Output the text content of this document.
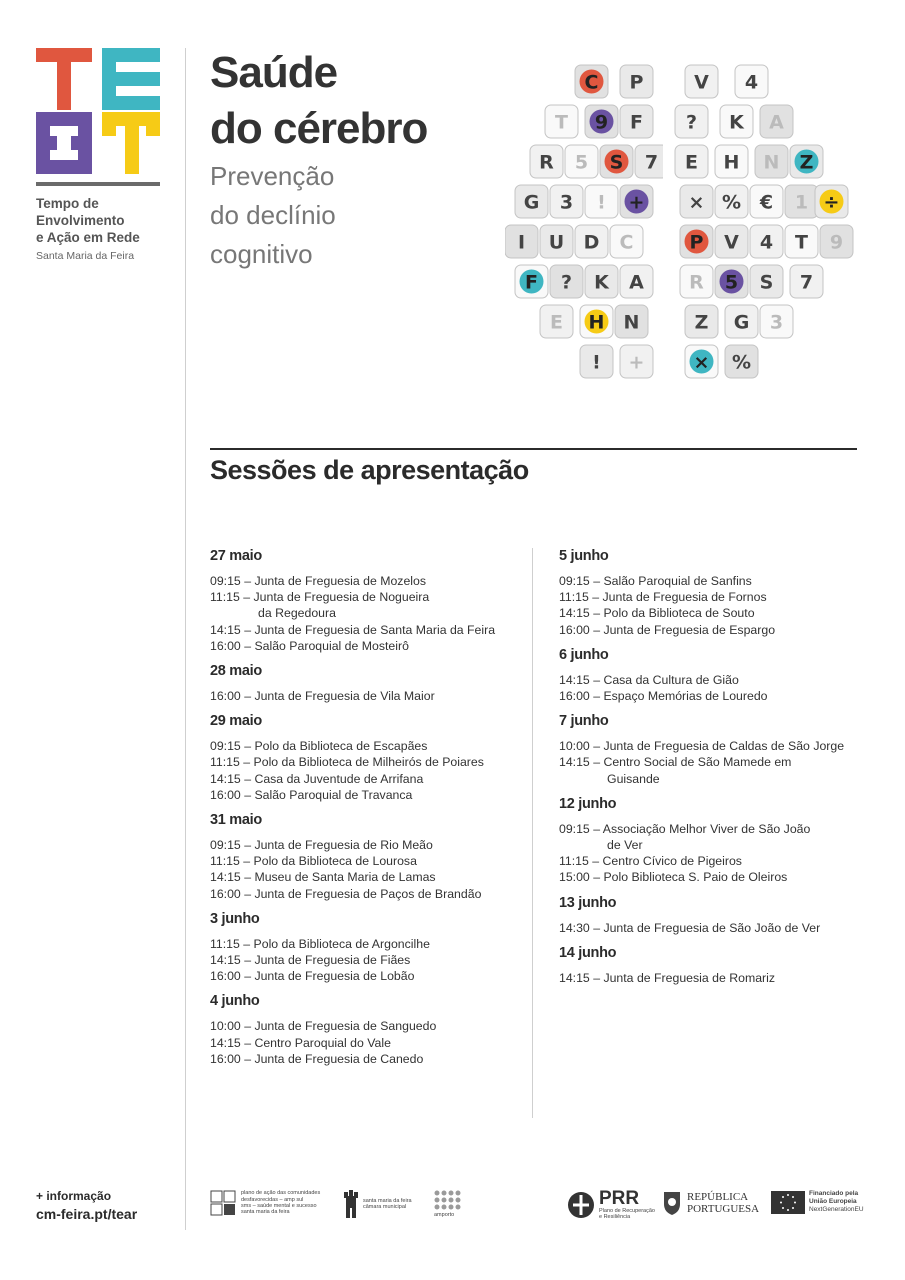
Tempo de
Envolvimento
e Ação em Rede
Santa Maria da Feira
Saúde
do cérebro
Prevenção
do declínio
cognitivo
C P	V 4
T 9 F ? K A
R 5 S 7 E H N Z
G 3 ! + × % € 1 ÷
I U D C	P V 4 T 9
F ? K A R 5 S 7
E H N	Z G 3
! +	× %
Sessões de apresentação
27 maio
09:15 – Junta de Freguesia de Mozelos
11:15 – Junta de Freguesia de Nogueira
da Regedoura
14:15 – Junta de Freguesia de Santa Maria da Feira
16:00 – Salão Paroquial de Mosteirô
28 maio
16:00 – Junta de Freguesia de Vila Maior
29 maio
09:15 – Polo da Biblioteca de Escapães
11:15 – Polo da Biblioteca de Milheirós de Poiares
14:15 – Casa da Juventude de Arrifana
16:00 – Salão Paroquial de Travanca
31 maio
09:15 – Junta de Freguesia de Rio Meão
11:15 – Polo da Biblioteca de Lourosa
14:15 – Museu de Santa Maria de Lamas
16:00 – Junta de Freguesia de Paços de Brandão
3 junho
11:15 – Polo da Biblioteca de Argoncilhe
14:15 – Junta de Freguesia de Fiães
16:00 – Junta de Freguesia de Lobão
4 junho
10:00 – Junta de Freguesia de Sanguedo
14:15 – Centro Paroquial do Vale
16:00 – Junta de Freguesia de Canedo
5 junho
09:15 – Salão Paroquial de Sanfins
11:15 – Junta de Freguesia de Fornos
14:15 – Polo da Biblioteca de Souto
16:00 – Junta de Freguesia de Espargo
6 junho
14:15 – Casa da Cultura de Gião
16:00 – Espaço Memórias de Louredo
7 junho
10:00 – Junta de Freguesia de Caldas de São Jorge
14:15 – Centro Social de São Mamede em
Guisande
12 junho
09:15 – Associação Melhor Viver de São João
de Ver
11:15 – Centro Cívico de Pigeiros
15:00 – Polo Biblioteca S. Paio de Oleiros
13 junho
14:30 – Junta de Freguesia de São João de Ver
14 junho
14:15 – Junta de Freguesia de Romariz
+ informação
cm-feira.pt/tear
plano de ação das comunidades
desfavorecidas – amp sul
sms – saúde mental e sucesso
santa maria da feira
santa maria da feira
câmara municipal
amporto
PRR
Plano de Recuperação
e Resiliência
REPÚBLICA
PORTUGUESA
Financiado pela
União Europeia
NextGenerationEU
